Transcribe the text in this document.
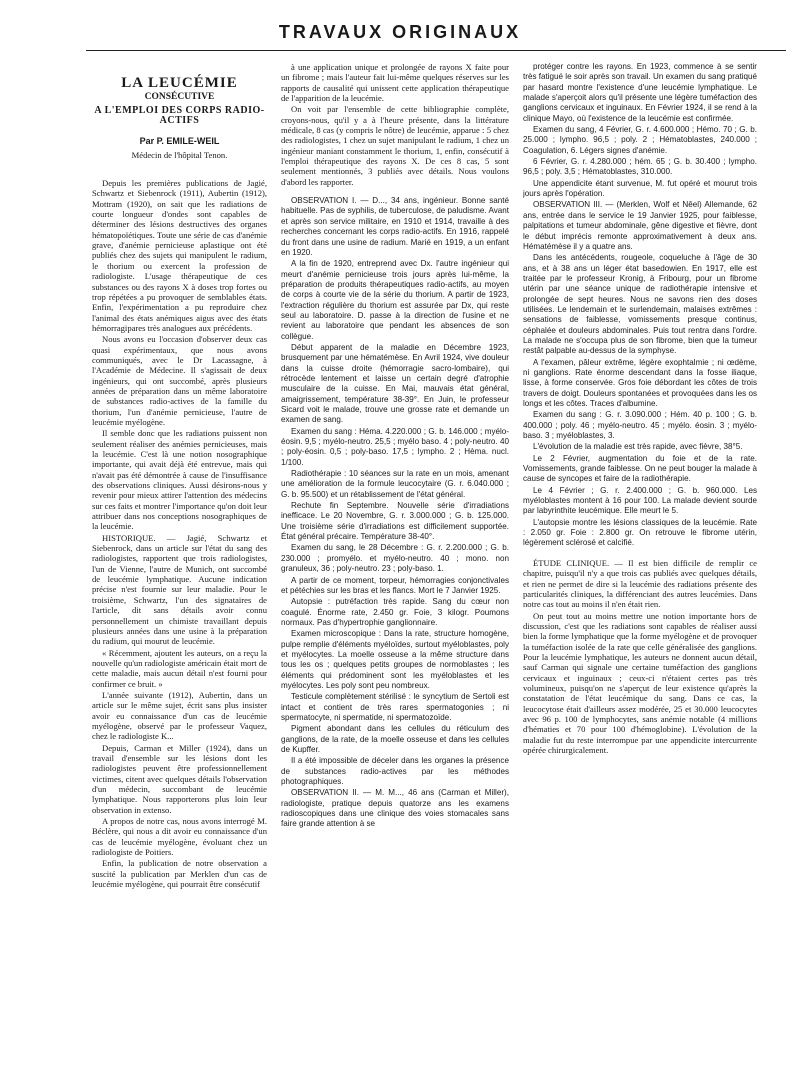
TRAVAUX ORIGINAUX
LA LEUCÉMIE
CONSÉCUTIVE
A L'EMPLOI DES CORPS RADIO-ACTIFS
Par P. EMILE-WEIL
Médecin de l'hôpital Tenon.

Depuis les premières publications de Jagié, Schwartz et Siebenrock (1911), Aubertin (1912), Mottram (1920), on sait que les radiations de courte longueur d'ondes sont capables de déterminer des lésions destructives des organes hématopoïétiques. Toute une série de cas d'anémie grave, d'anémie pernicieuse aplastique ont été publiés chez des sujets qui manipulent le radium, le thorium ou exercent la profession de radiologiste. L'usage thérapeutique de ces substances ou des rayons X à doses trop fortes ou trop répétées a pu provoquer de semblables états. Enfin, l'expérimentation a pu reproduire chez l'animal des états anémiques aigus avec des états hémorragipares très analogues aux précédents.

Nous avons eu l'occasion d'observer deux cas quasi expérimentaux, que nous avons communiqués, avec le Dr Lacassagne, à l'Académie de Médecine. Il s'agissait de deux ingénieurs, qui ont succombé, après plusieurs années de préparation dans un même laboratoire de substances radio-actives de la famille du thorium, l'un d'anémie pernicieuse, l'autre de leucémie myélogène.

Il semble donc que les radiations puissent non seulement réaliser des anémies pernicieuses, mais la leucémie. C'est là une notion nosographique importante, qui avait déjà été entrevue, mais qui n'avait pas été démontrée à cause de l'insuffisance des observations cliniques. Aussi désirons-nous y revenir pour mieux attirer l'attention des médecins sur ces faits et montrer l'importance qu'on doit leur attribuer dans nos conceptions nosographiques de la leucémie.

HISTORIQUE. — Jagié, Schwartz et Siebenrock, dans un article sur l'état du sang des radiologistes, rapportent que trois radiologistes, l'un de Vienne, l'autre de Munich, ont succombé de leucémie lymphatique. Aucune indication précise n'est fournie sur leur maladie. Pour le troisième, Schwartz, l'un des signataires de l'article, dit sans détails avoir connu personnellement un chimiste travaillant depuis plusieurs années dans une usine à la préparation du radium, qui mourut de leucémie.

« Récemment, ajoutent les auteurs, on a reçu la nouvelle qu'un radiologiste américain était mort de cette maladie, mais aucun détail n'est fourni pour confirmer ce bruit. »

L'année suivante (1912), Aubertin, dans un article sur le même sujet, écrit sans plus insister avoir eu connaissance d'un cas de leucémie myélogène, observé par le professeur Vaquez, chez le radiologiste K...

Depuis, Carman et Miller (1924), dans un travail d'ensemble sur les lésions dont les radiologistes peuvent être professionnellement victimes, citent avec quelques détails l'observation d'un médecin, succombant de leucémie lymphatique. Nous rapporterons plus loin leur observation in extenso.

A propos de notre cas, nous avons interrogé M. Béclère, qui nous a dit avoir eu connaissance d'un cas de leucémie myélogène, évoluant chez un radiologiste de Poitiers.

Enfin, la publication de notre observation a suscité la publication par Merklen d'un cas de leucémie myélogène, qui pourrait être consécutif

à une application unique et prolongée de rayons X faite pour un fibrome ; mais l'auteur fait lui-même quelques réserves sur les rapports de causalité qui unissent cette application thérapeutique de l'apparition de la leucémie.

On voit par l'ensemble de cette bibliographie complète, croyons-nous, qu'il y a à l'heure présente, dans la littérature médicale, 8 cas (y compris le nôtre) de leucémie, apparue : 5 chez des radiologistes, 1 chez un sujet manipulant le radium, 1 chez un ingénieur maniant constamment le thorium, 1, enfin, consécutif à l'emploi thérapeutique des rayons X. De ces 8 cas, 5 sont seulement mentionnés, 3 publiés avec détails. Nous voulons d'abord les rapporter.

OBSERVATION I. — D..., 34 ans, ingénieur. Bonne santé habituelle. Pas de syphilis, de tuberculose, de paludisme. Avant et après son service militaire, en 1910 et 1914, travaille à des recherches concernant les corps radio-actifs. En 1916, rappelé du front dans une usine de radium. Marié en 1919, a un enfant en 1920.

A la fin de 1920, entreprend avec Dx. l'autre ingénieur qui meurt d'anémie pernicieuse trois jours après lui-même, la préparation de produits thérapeutiques radio-actifs, au moyen de corps à courte vie de la série du thorium. A partir de 1923, l'extraction régulière du thorium est assurée par Dx, qui reste seul au laboratoire. D. passe à la direction de l'usine et ne revient au laboratoire que pendant les absences de son collègue.

Début apparent de la maladie en Décembre 1923, brusquement par une hématémèse. En Avril 1924, vive douleur dans la cuisse droite (hémorragie sacro-lombaire), qui rétrocède lentement et laisse un certain degré d'atrophie musculaire de la cuisse. En Mai, mauvais état général, amaigrissement, température 38-39°. En Juin, le professeur Sicard voit le malade, trouve une grosse rate et demande un examen de sang.

Examen du sang : Héma. 4.220.000 ; G. b. 146.000 ; myélo-éosin. 9,5 ; myélo-neutro. 25,5 ; myélo baso. 4 ; poly-neutro. 40 ; poly-éosin. 0,5 ; poly-baso. 17,5 ; lympho. 2 ; Hèma. nucl. 1/100.

Radiothérapie : 10 séances sur la rate en un mois, amenant une amélioration de la formule leucocytaire (G. r. 6.040.000 ; G. b. 95.500) et un rétablissement de l'état général.

Rechute fin Septembre. Nouvelle série d'irradiations inefficace. Le 20 Novembre, G. r. 3.000.000 ; G. b. 125.000. Une troisième série d'irradiations est difficilement supportée. État général précaire. Température 38-40°.

Examen du sang, le 28 Décembre : G. r. 2.200.000 ; G. b. 230.000 ; promyélo. et myélo-neutro. 40 ; mono. non granuleux, 36 ; poly-neutro. 23 ; poly-baso. 1.

A partir de ce moment, torpeur, hémorragies conjonctivales et pétéchies sur les bras et les flancs. Mort le 7 Janvier 1925.

Autopsie : putréfaction très rapide. Sang du cœur non coagulé. Énorme rate, 2.450 gr. Foie, 3 kilogr. Poumons normaux. Pas d'hypertrophie ganglionnaire.

Examen microscopique : Dans la rate, structure homogène, pulpe remplie d'éléments myéloïdes, surtout myéloblastes, poly et myélocytes. La moelle osseuse a la même structure dans tous les os ; quelques petits groupes de normoblastes ; les éléments qui prédominent sont les myéloblastes et les myélocytes. Les poly sont peu nombreux.

Testicule complètement stérilisé : le syncytium de Sertoli est intact et contient de très rares spermatogonies ; ni spermatocyte, ni spermatide, ni spermatozoïde.

Pigment abondant dans les cellules du réticulum des ganglions, de la rate, de la moelle osseuse et dans les cellules de Kupffer.

Il a été impossible de déceler dans les organes la présence de substances radio-actives par les méthodes photographiques.

OBSERVATION II. — M. M..., 46 ans (Carman et Miller), radiologiste, pratique depuis quatorze ans les examens radioscopiques dans une clinique des voies stomacales sans faire grande attention à se

protéger contre les rayons. En 1923, commence à se sentir très fatigué le soir après son travail. Un examen du sang pratiqué par hasard montre l'existence d'une leucémie lymphatique. Le malade s'aperçoit alors qu'il présente une légère tuméfaction des ganglions cervicaux et inguinaux. En Février 1924, il se rend à la clinique Mayo, où l'existence de la leucémie est confirmée.

Examen du sang, 4 Février, G. r. 4.600.000 ; Hémo. 70 ; G. b. 25.000 ; lympho. 96,5 ; poly. 2 ; Hématoblastes, 240.000 ; Coagulation, 6. Légers signes d'anémie.

6 Février, G. r. 4.280.000 ; hém. 65 ; G. b. 30.400 ; lympho. 96,5 ; poly. 3,5 ; Hématoblastes, 310.000.

Une appendicite étant survenue, M. fut opéré et mourut trois jours après l'opération.

OBSERVATION III. — (Merklen, Wolf et Nêel) Allemande, 62 ans, entrée dans le service le 19 Janvier 1925, pour faiblesse, palpitations et tumeur abdominale, gêne digestive et fièvre, dont le début imprécis remonte approximativement à deux ans. Hématémèse il y a quatre ans.

Dans les antécédents, rougeole, coqueluche à l'âge de 30 ans, et à 38 ans un léger état basedowien. En 1917, elle est traitée par le professeur Kronig, à Fribourg, pour un fibrome utérin par une séance unique de radiothérapie intensive et prolongée de sept heures. Nous ne savons rien des doses utilisées. Le lendemain et le surlendemain, malaises extrêmes : sensations de faiblesse, vomissements presque continus, céphalée et douleurs abdominales. Puis tout rentra dans l'ordre. La malade ne s'occupa plus de son fibrome, bien que la tumeur restât palpable au-dessus de la symphyse.

A l'examen, pâleur extrême, légère exophtalmie ; ni œdème, ni ganglions. Rate énorme descendant dans la fosse iliaque, lisse, à forme conservée. Gros foie débordant les côtes de trois travers de doigt. Douleurs spontanées et provoquées dans les os longs et les côtes. Traces d'albumine.

Examen du sang : G. r. 3.090.000 ; Hém. 40 p. 100 ; G. b. 400.000 ; poly. 46 ; myélo-neutro. 45 ; myélo. éosin. 3 ; myélo-baso. 3 ; myéloblastes, 3.

L'évolution de la maladie est très rapide, avec fièvre, 38°5.

Le 2 Février, augmentation du foie et de la rate. Vomissements, grande faiblesse. On ne peut bouger la malade à cause de syncopes et faire de la radiothérapie.

Le 4 Février ; G. r. 2.400.000 ; G. b. 960.000. Les myéloblastes montent à 16 pour 100. La malade devient sourde par labyrinthite leucémique. Elle meurt le 5.

L'autopsie montre les lésions classiques de la leucémie. Rate : 2.050 gr. Foie : 2.800 gr. On retrouve le fibrome utérin, légèrement sclérosé et calcifié.

ÉTUDE CLINIQUE. — Il est bien difficile de remplir ce chapitre, puisqu'il n'y a que trois cas publiés avec quelques détails, et rien ne permet de dire si la leucémie des radiations présente des particularités cliniques, la différenciant des autres leucémies. Dans notre cas tout au moins il n'en était rien.

On peut tout au moins mettre une notion importante hors de discussion, c'est que les radiations sont capables de réaliser aussi bien la forme lymphatique que la forme myélogène et de provoquer la tuméfaction isolée de la rate que celle généralisée des ganglions. Pour la leucémie lymphatique, les auteurs ne donnent aucun détail, sauf Carman qui signale une certaine tuméfaction des ganglions cervicaux et inguinaux ; ceux-ci n'étaient certes pas très volumineux, puisqu'on ne s'aperçut de leur existence qu'après la constatation de l'état leucémique du sang. Dans ce cas, la leucocytose était d'ailleurs assez modérée, 25 et 30.000 leucocytes avec 96 p. 100 de lymphocytes, sans anémie notable (4 millions d'hématies et 70 pour 100 d'hémoglobine). L'évolution de la maladie fut du reste interrompue par une appendicite intercurrente opérée chirurgicalement.
